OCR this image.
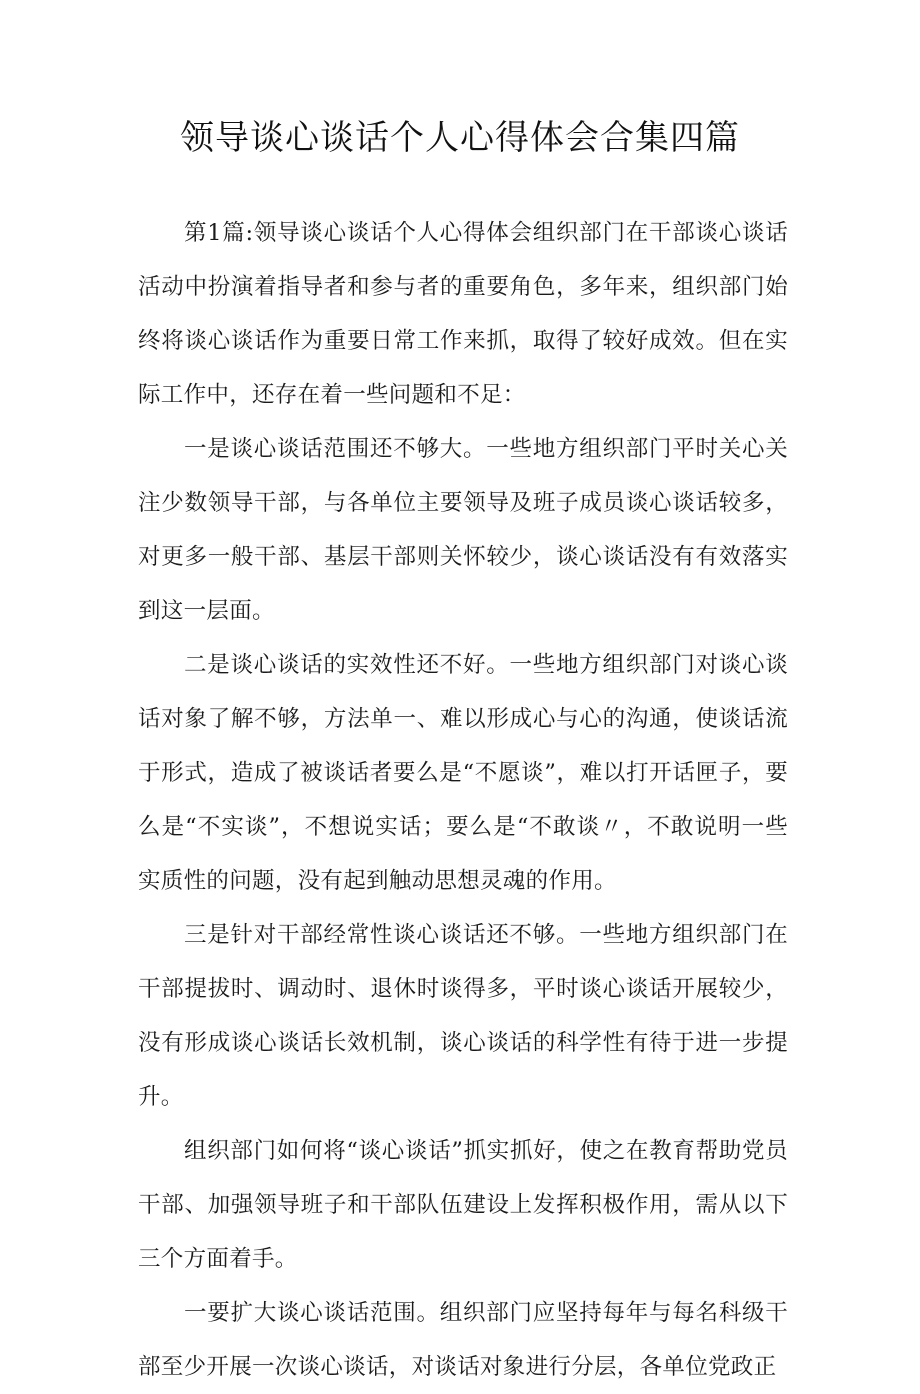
领导谈心谈话个人心得体会合集四篇

第1篇:领导谈心谈话个人心得体会组织部门在干部谈心谈话活动中扮演着指导者和参与者的重要角色，多年来，组织部门始终将谈心谈话作为重要日常工作来抓，取得了较好成效。但在实际工作中，还存在着一些问题和不足：

一是谈心谈话范围还不够大。一些地方组织部门平时关心关注少数领导干部，与各单位主要领导及班子成员谈心谈话较多，对更多一般干部、基层干部则关怀较少，谈心谈话没有有效落实到这一层面。

二是谈心谈话的实效性还不好。一些地方组织部门对谈心谈话对象了解不够，方法单一、难以形成心与心的沟通，使谈话流于形式，造成了被谈话者要么是“不愿谈”，难以打开话匣子，要么是“不实谈”，不想说实话；要么是“不敢谈〃，不敢说明一些实质性的问题，没有起到触动思想灵魂的作用。

三是针对干部经常性谈心谈话还不够。一些地方组织部门在干部提拔时、调动时、退休时谈得多，平时谈心谈话开展较少，没有形成谈心谈话长效机制，谈心谈话的科学性有待于进一步提升。

组织部门如何将“谈心谈话”抓实抓好，使之在教育帮助党员干部、加强领导班子和干部队伍建设上发挥积极作用，需从以下三个方面着手。

一要扩大谈心谈话范围。组织部门应坚持每年与每名科级干部至少开展一次谈心谈话，对谈话对象进行分层，各单位党政正
